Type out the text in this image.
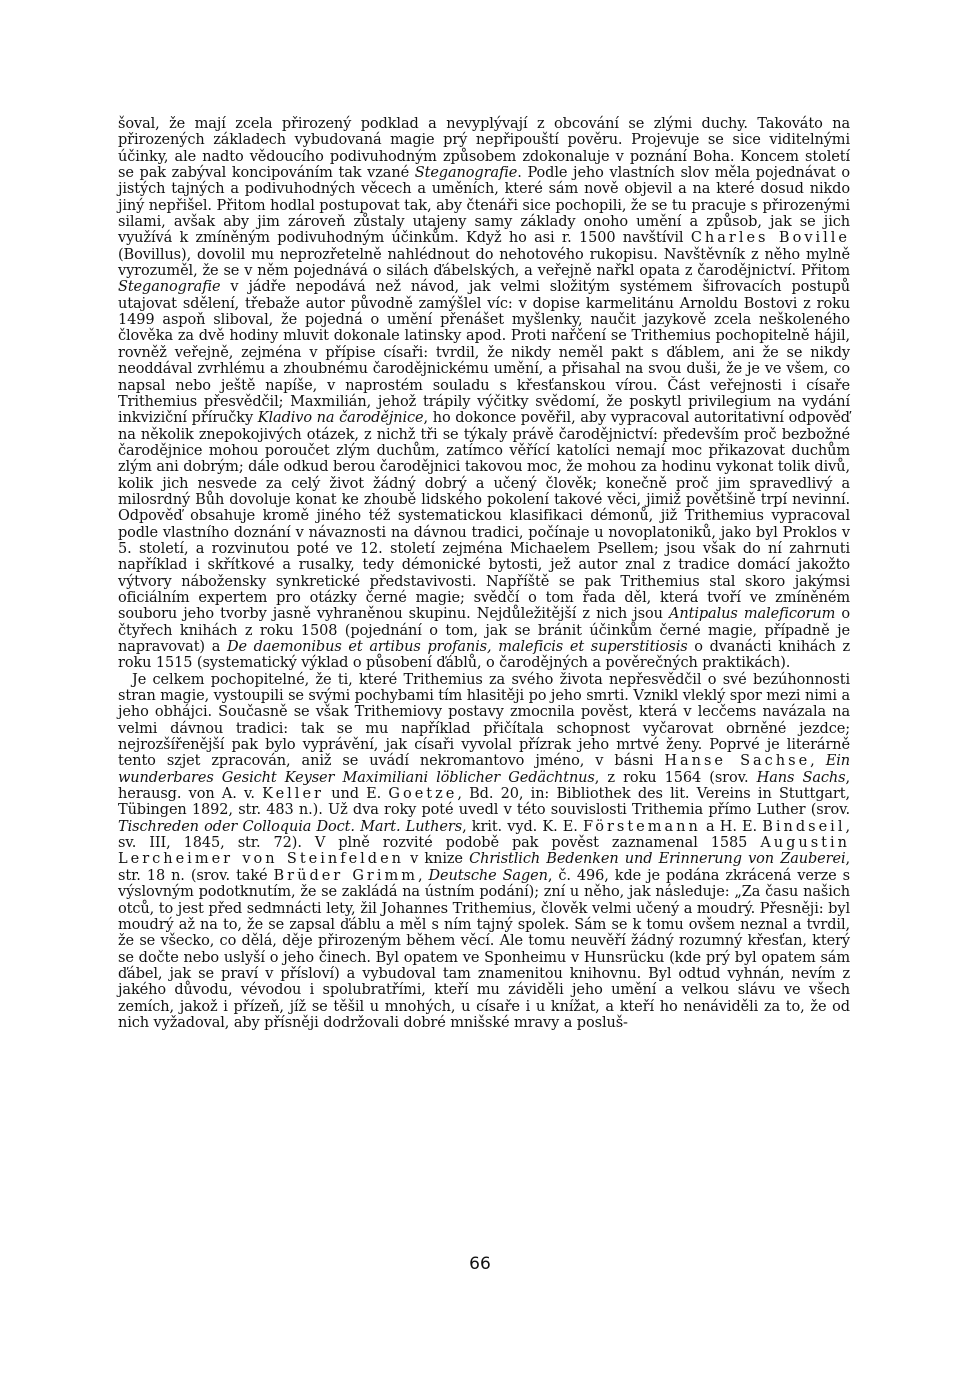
šoval, že mají zcela přirozený podklad a nevyplývají z obcování se zlými duchy. Takováto na přirozených základech vybudovaná magie prý nepřipouští pověru. Projevuje se sice viditelnými účinky, ale nadto vědoucího podivuhodným způsobem zdokonaluje v poznání Boha. Koncem století se pak zabýval koncipováním tak vzané Steganografie. Podle jeho vlastních slov měla pojednávat o jistých tajných a podivuhodných věcech a uměních, které sám nově objevil a na které dosud nikdo jiný nepřišel. Přitom hodlal postupovat tak, aby čtenáři sice pochopili, že se tu pracuje s přirozenými silami, avšak aby jim zároveň zůstaly utajeny samy základy onoho umění a způsob, jak se jich využívá k zmíněným podivuhodným účinkům. Když ho asi r. 1500 navštívil Charles Boville (Bovillus), dovolil mu neprozřetelně nahlédnout do nehotového rukopisu. Navštěvník z něho mylně vyrozuměl, že se v něm pojednává o silách ďábelských, a veřejně nařkl opata z čarodějnictví. Přitom Steganografie v jádře nepodává než návod, jak velmi složitým systémem šifrovacích postupů utajovat sdělení, třebaže autor původně zamýšlel víc: v dopise karmelitánu Arnoldu Bostovi z roku 1499 aspoň sliboval, že pojedná o umění přenášet myšlenky, naučit jazykově zcela neškoleného člověka za dvě hodiny mluvit dokonale latinsky apod. Proti nařčení se Trithemius pochopitelně hájil, rovněž veřejně, zejména v přípise císaři: tvrdil, že nikdy neměl pakt s ďáblem, ani že se nikdy neoddával zvrhlému a zhoubnému čarodějnickému umění, a přisahal na svou duši, že je ve všem, co napsal nebo ještě napíše, v naprostém souladu s křesťanskou vírou. Část veřejnosti i císaře Trithemius přesvědčil; Maxmilián, jehož trápily výčitky svědomí, že poskytl privilegium na vydání inkviziční příručky Kladivo na čarodějnice, ho dokonce pověřil, aby vypracoval autoritativní odpověď na několik znepokojivých otázek, z nichž tři se týkaly právě čarodějnictví: především proč bezbožné čarodějnice mohou poroučet zlým duchům, zatímco věřící katolíci nemají moc přikazovat duchům zlým ani dobrým; dále odkud berou čarodějnici takovou moc, že mohou za hodinu vykonat tolik divů, kolik jich nesvede za celý život žádný dobrý a učený člověk; konečně proč jim spravedlivý a milosrdný Bůh dovoluje konat ke zhoubě lidského pokolení takové věci, jimiž povětšině trpí nevinní. Odpověď obsahuje kromě jiného též systematickou klasifikaci démonů, již Trithemius vypracoval podle vlastního doznání v návaznosti na dávnou tradici, počínaje u novoplatoniků, jako byl Proklos v 5. století, a rozvinutou poté ve 12. století zejména Michaelem Psellem; jsou však do ní zahrnuti například i skřítkové a rusalky, tedy démonické bytosti, jež autor znal z tradice domácí jakožto výtvory nábožensky synkretické představivosti. Napříště se pak Trithemius stal skoro jakýmsi oficiálním expertem pro otázky černé magie; svědčí o tom řada děl, která tvoří ve zmíněném souboru jeho tvorby jasně vyhraněnou skupinu. Nejdůležitější z nich jsou Antipalus maleficorum o čtyřech knihách z roku 1508 (pojednání o tom, jak se bránit účinkům černé magie, případně je napravovat) a De daemonibus et artibus profanis, maleficis et superstitiosis o dvanácti knihách z roku 1515 (systematický výklad o působení ďáblů, o čarodějných a pověrečných praktikách).

Je celkem pochopitelné, že ti, které Trithemius za svého života nepřesvědčil o své bezúhonnosti stran magie, vystoupili se svými pochybami tím hlasitěji po jeho smrti. Vznikl vleklý spor mezi nimi a jeho obhájci. Současně se však Trithemiovy postavy zmocnila pověst, která v lecčems navázala na velmi dávnou tradici: tak se mu například přičítala schopnost vyčarovat obrněné jezdce; nejrozšířenější pak bylo vyprávění, jak císaři vyvolal přízrak jeho mrtvé ženy. Poprvé je literárně tento szjet zpracován, aniž se uvádí nekromantovo jméno, v básni Hanse Sachse, Ein wunderbares Gesicht Keyser Maximiliani löblicher Gedächtnus, z roku 1564 (srov. Hans Sachs, herausg. von A. v. Keller und E. Goetze, Bd. 20, in: Bibliothek des lit. Vereins in Stuttgart, Tübingen 1892, str. 483 n.). Už dva roky poté uvedl v této souvislosti Trithemia přímo Luther (srov. Tischreden oder Colloquia Doct. Mart. Luthers, krit. vyd. K. E. Förstemann a H. E. Bindseil, sv. III, 1845, str. 72). V plně rozvité podobě pak pověst zaznamenal 1585 Augustin Lercheimer von Steinfelden v knize Christlich Bedenken und Erinnerung von Zauberei, str. 18 n. (srov. také Brüder Grimm, Deutsche Sagen, č. 496, kde je podána zkrácená verze s výslovným podotknutím, že se zakládá na ústním podání); zní u něho, jak následuje: „Za času našich otců, to jest před sedmnácti lety, žil Johannes Trithemius, člověk velmi učený a moudrý. Přesněji: byl moudrý až na to, že se zapsal ďáblu a měl s ním tajný spolek. Sám se k tomu ovšem neznal a tvrdil, že se všecko, co dělá, děje přirozeným během věcí. Ale tomu neuvěří žádný rozumný křesťan, který se dočte nebo uslyší o jeho činech. Byl opatem ve Sponheimu v Hunsrücku (kde prý byl opatem sám ďábel, jak se praví v přísloví) a vybudoval tam znamenitou knihovnu. Byl odtud vyhnán, nevím z jakého důvodu, vévodou i spolubratřími, kteří mu záviděli jeho umění a velkou slávu ve všech zemích, jakož i přízeň, jíž se těšil u mnohých, u císaře i u knížat, a kteří ho nenáviděli za to, že od nich vyžadoval, aby přísněji dodržovali dobré mnišské mravy a posluš-

66
